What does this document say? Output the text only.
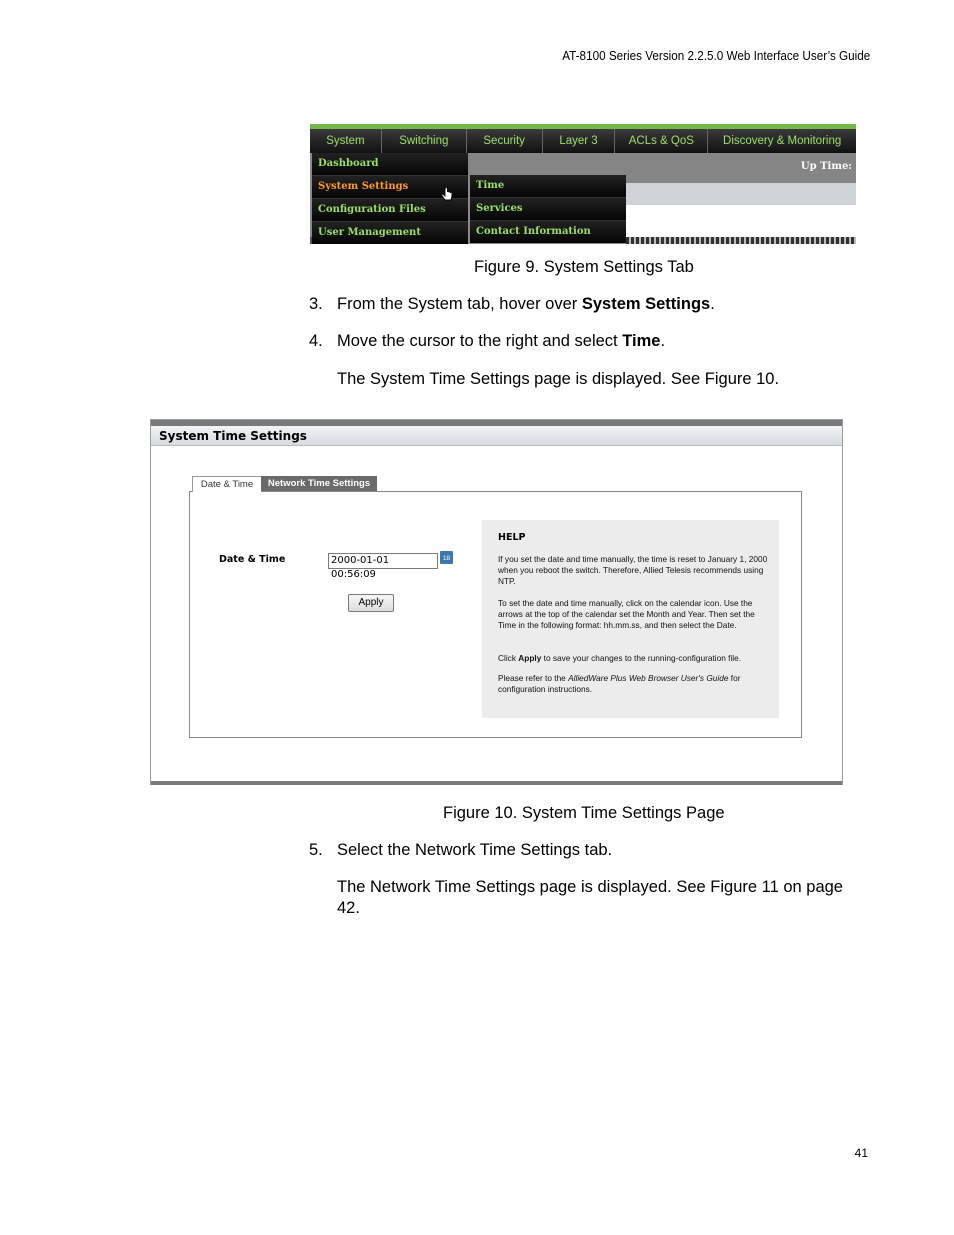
AT-8100 Series Version 2.2.5.0 Web Interface User’s Guide
System	Switching	Security	Layer 3	ACLs & QoS	Discovery & Monitoring
Up Time:
Dashboard
System Settings
Configuration Files
User Management
Time
Services
Contact Information
Figure 9. System Settings Tab
3. From the System tab, hover over System Settings.
4. Move the cursor to the right and select Time.
The System Time Settings page is displayed. See Figure 10.
System Time Settings
Date & Time	Network Time Settings
Date & Time	2000-01-01 00:56:09
18
Apply
HELP
If you set the date and time manually, the time is reset to January 1, 2000 when you reboot the switch. Therefore, Allied Telesis recommends using NTP.
To set the date and time manually, click on the calendar icon. Use the arrows at the top of the calendar set the Month and Year. Then set the Time in the following format: hh.mm.ss, and then select the Date.
Click Apply to save your changes to the running-configuration file.
Please refer to the AlliedWare Plus Web Browser User's Guide for configuration instructions.
Figure 10. System Time Settings Page
5. Select the Network Time Settings tab.
The Network Time Settings page is displayed. See Figure 11 on page
42.
41
